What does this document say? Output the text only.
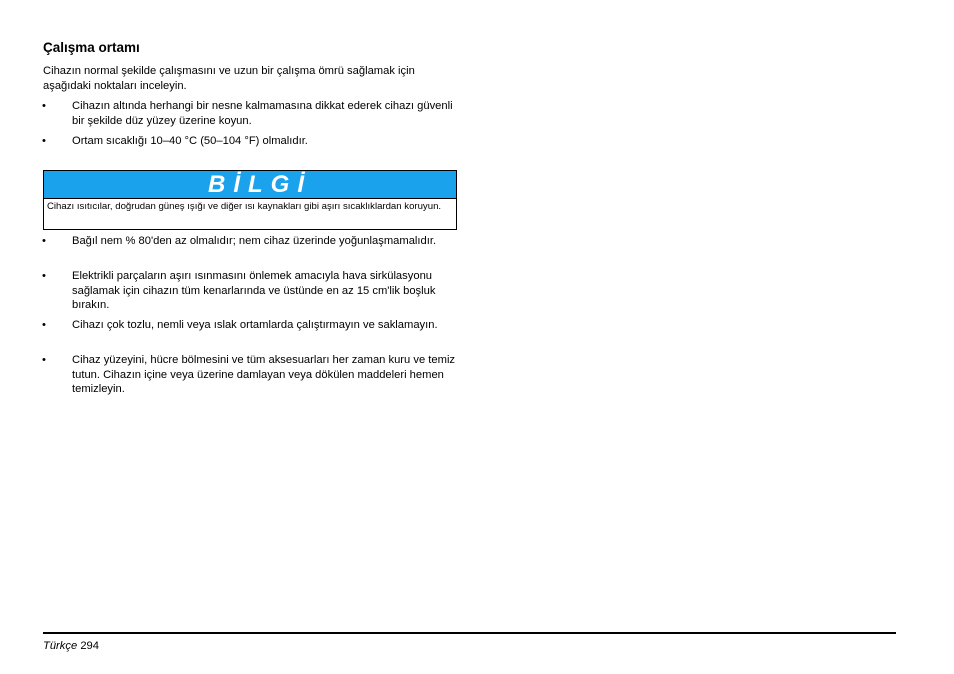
Çalışma ortamı
Cihazın normal şekilde çalışmasını ve uzun bir çalışma ömrü sağlamak için aşağıdaki noktaları inceleyin.
•	Cihazın altında herhangi bir nesne kalmamasına dikkat ederek cihazı güvenli bir şekilde düz yüzey üzerine koyun.
•	Ortam sıcaklığı 10–40 °C (50–104 °F) olmalıdır.
BİLGİ
Cihazı ısıtıcılar, doğrudan güneş ışığı ve diğer ısı kaynakları gibi aşırı sıcaklıklardan koruyun.
•	Bağıl nem % 80'den az olmalıdır; nem cihaz üzerinde yoğunlaşmamalıdır.
•	Elektrikli parçaların aşırı ısınmasını önlemek amacıyla hava sirkülasyonu sağlamak için cihazın tüm kenarlarında ve üstünde en az 15 cm'lik boşluk bırakın.
•	Cihazı çok tozlu, nemli veya ıslak ortamlarda çalıştırmayın ve saklamayın.
•	Cihaz yüzeyini, hücre bölmesini ve tüm aksesuarları her zaman kuru ve temiz tutun. Cihazın içine veya üzerine damlayan veya dökülen maddeleri hemen temizleyin.
Türkçe 294
